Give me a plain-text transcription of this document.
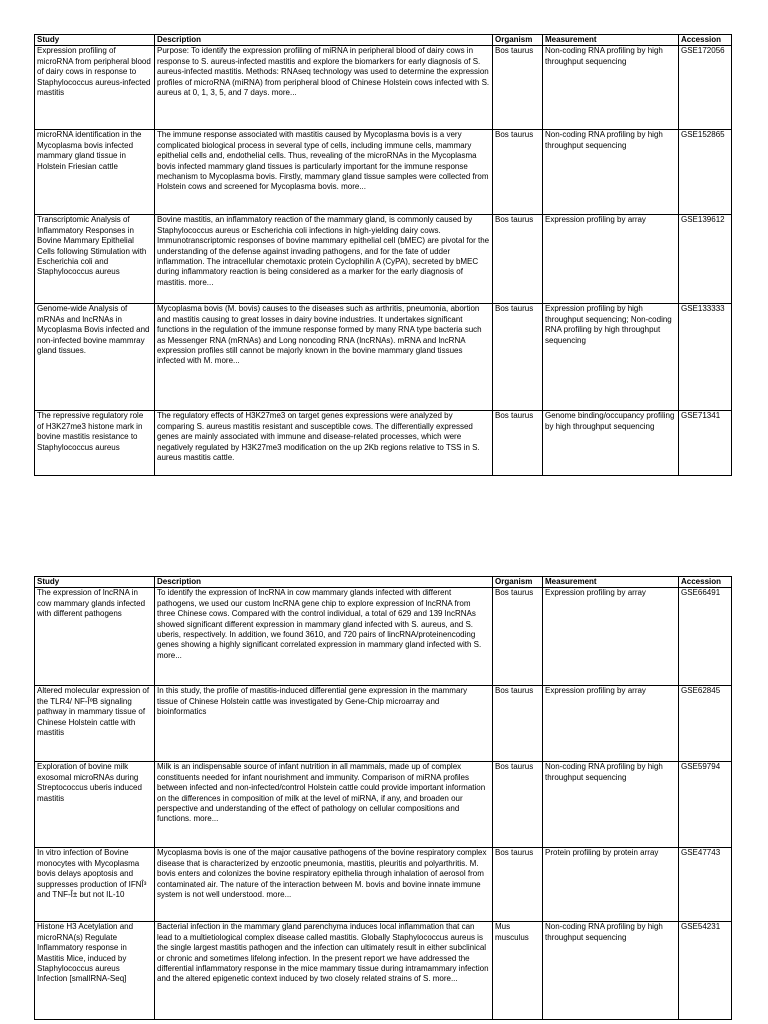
Study	Description	Organism	Measurement	Accession
Expression profiling of microRNA from peripheral blood of dairy cows in response to Staphylococcus aureus-infected mastitis	Purpose: To identify the expression profiling of miRNA in peripheral blood of dairy cows in response to S. aureus-infected mastitis and explore the biomarkers for early diagnosis of S. aureus-infected mastitis. Methods: RNAseq technology was used to determine the expression profiles of microRNA (miRNA) from peripheral blood of Chinese Holstein cows infected with S. aureus at 0, 1, 3, 5, and 7 days. more...	Bos taurus	Non-coding RNA profiling by high throughput sequencing	GSE172056
microRNA identification in the Mycoplasma bovis infected mammary gland tissue in Holstein Friesian cattle	The immune response associated with mastitis caused by Mycoplasma bovis is a very complicated biological process in several type of cells, including immune cells, mammary epithelial cells and, endothelial cells. Thus, revealing of the microRNAs in the Mycoplasma bovis infected mammary gland tissues is particularly important for the immune response mechanism to Mycoplasma bovis. Firstly, mammary gland tissue samples were collected from Holstein cows and screened for Mycoplasma bovis. more...	Bos taurus	Non-coding RNA profiling by high throughput sequencing	GSE152865
Transcriptomic Analysis of Inflammatory Responses in Bovine Mammary Epithelial Cells following Stimulation with Escherichia coli and Staphylococcus aureus	Bovine mastitis, an inflammatory reaction of the mammary gland, is commonly caused by Staphylococcus aureus or Escherichia coli infections in high-yielding dairy cows. Immunotranscriptomic responses of bovine mammary epithelial cell (bMEC) are pivotal for the understanding of the defense against invading pathogens, and for the fate of udder inflammation. The intracellular chemotaxic protein Cyclophilin A (CyPA), secreted by bMEC during inflammatory reaction is being considered as a marker for the early diagnosis of mastitis. more...	Bos taurus	Expression profiling by array	GSE139612
Genome-wide Analysis of mRNAs and lncRNAs in Mycoplasma Bovis infected and non-infected bovine mammray gland tissues.	Mycoplasma bovis (M. bovis) causes to the diseases such as arthritis, pneumonia, abortion and mastitis causing to great losses in dairy bovine industries. It undertakes significant functions in the regulation of the immune response formed by many RNA type bacteria such as Messenger RNA (mRNAs) and Long noncoding RNA (lncRNAs). mRNA and lncRNA expression profiles still cannot be majorly known in the bovine mammary gland tissues infected with M. more...	Bos taurus	Expression profiling by high throughput sequencing; Non-coding RNA profiling by high throughput sequencing	GSE133333
The repressive regulatory role of H3K27me3 histone mark in bovine mastitis resistance to Staphylococcus aureus	The regulatory effects of H3K27me3 on target genes expressions were analyzed by comparing S. aureus mastitis resistant and susceptible cows. The differentially expressed genes are mainly associated with immune and disease-related processes, which were negatively regulated by H3K27me3 modification on the up 2Kb regions relative to TSS in S. aureus mastitis cattle.	Bos taurus	Genome binding/occupancy profiling by high throughput sequencing	GSE71341
Study	Description	Organism	Measurement	Accession
The expression of lncRNA in cow mammary glands infected with different pathogens	To identify the expression of lncRNA in cow mammary glands infected with different pathogens, we used our custom lncRNA gene chip to explore expression of lncRNA from three Chinese cows. Compared with the control individual, a total of 629 and 139 lncRNAs showed significant different expression in mammary gland infected with S. aureus, and S. uberis, respectively. In addition, we found 3610, and 720 pairs of lincRNA/proteinencoding genes showing a highly significant correlated expression in mammary gland infected with S. more...	Bos taurus	Expression profiling by array	GSE66491
Altered molecular expression of the TLR4/ NF-ÎºB signaling pathway in mammary tissue of Chinese Holstein cattle with mastitis	In this study, the profile of mastitis-induced differential gene expression in the mammary tissue of Chinese Holstein cattle was investigated by Gene-Chip microarray and bioinformatics	Bos taurus	Expression profiling by array	GSE62845
Exploration of bovine milk exosomal microRNAs during Streptococcus uberis induced mastitis	Milk is an indispensable source of infant nutrition in all mammals, made up of complex constituents needed for infant nourishment and immunity. Comparison of miRNA profiles between infected and non-infected/control Holstein cattle could provide important information on the differences in composition of milk at the level of miRNA, if any, and broaden our perspective and understanding of the effect of pathology on cellular compositions and functions. more...	Bos taurus	Non-coding RNA profiling by high throughput sequencing	GSE59794
In vitro infection of Bovine monocytes with Mycoplasma bovis delays apoptosis and suppresses production of IFNÎ³ and TNF-Î± but not IL-10	Mycoplasma bovis is one of the major causative pathogens of the bovine respiratory complex disease that is characterized by enzootic pneumonia, mastitis, pleuritis and polyarthritis. M. bovis enters and colonizes the bovine respiratory epithelia through inhalation of aerosol from contaminated air. The nature of the interaction between M. bovis and bovine innate immune system is not well understood. more...	Bos taurus	Protein profiling by protein array	GSE47743
Histone H3 Acetylation and microRNA(s) Regulate Inflammatory response in Mastitis Mice, induced by Staphylococcus aureus Infection [smallRNA-Seq]	Bacterial infection in the mammary gland parenchyma induces local inflammation that can lead to a multietiological complex disease called mastitis. Globally Staphylococcus aureus is the single largest mastitis pathogen and the infection can ultimately result in either subclinical or chronic and sometimes lifelong infection. In the present report we have addressed the differential inflammatory response in the mice mammary tissue during intramammary infection and the altered epigenetic context induced by two closely related strains of S. more...	Mus musculus	Non-coding RNA profiling by high throughput sequencing	GSE54231
